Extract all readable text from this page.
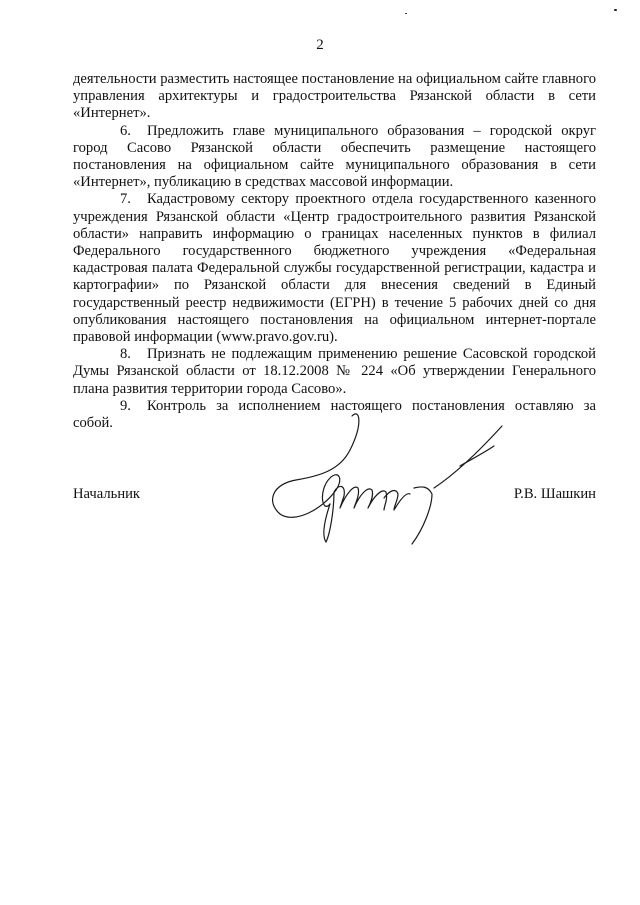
2

деятельности разместить настоящее постановление на официальном сайте главного управления архитектуры и градостроительства Рязанской области в сети «Интернет».

6. Предложить главе муниципального образования – городской округ город Сасово Рязанской области обеспечить размещение настоящего постановления на официальном сайте муниципального образования в сети «Интернет», публикацию в средствах массовой информации.

7. Кадастровому сектору проектного отдела государственного казенного учреждения Рязанской области «Центр градостроительного развития Рязанской области» направить информацию о границах населенных пунктов в филиал Федерального государственного бюджетного учреждения «Федеральная кадастровая палата Федеральной службы государственной регистрации, кадастра и картографии» по Рязанской области для внесения сведений в Единый государственный реестр недвижимости (ЕГРН) в течение 5 рабочих дней со дня опубликования настоящего постановления на официальном интернет-портале правовой информации (www.pravo.gov.ru).

8. Признать не подлежащим применению решение Сасовской городской Думы Рязанской области от 18.12.2008 № 224 «Об утверждении Генерального плана развития территории города Сасово».

9. Контроль за исполнением настоящего постановления оставляю за собой.

Начальник	Р.В. Шашкин
